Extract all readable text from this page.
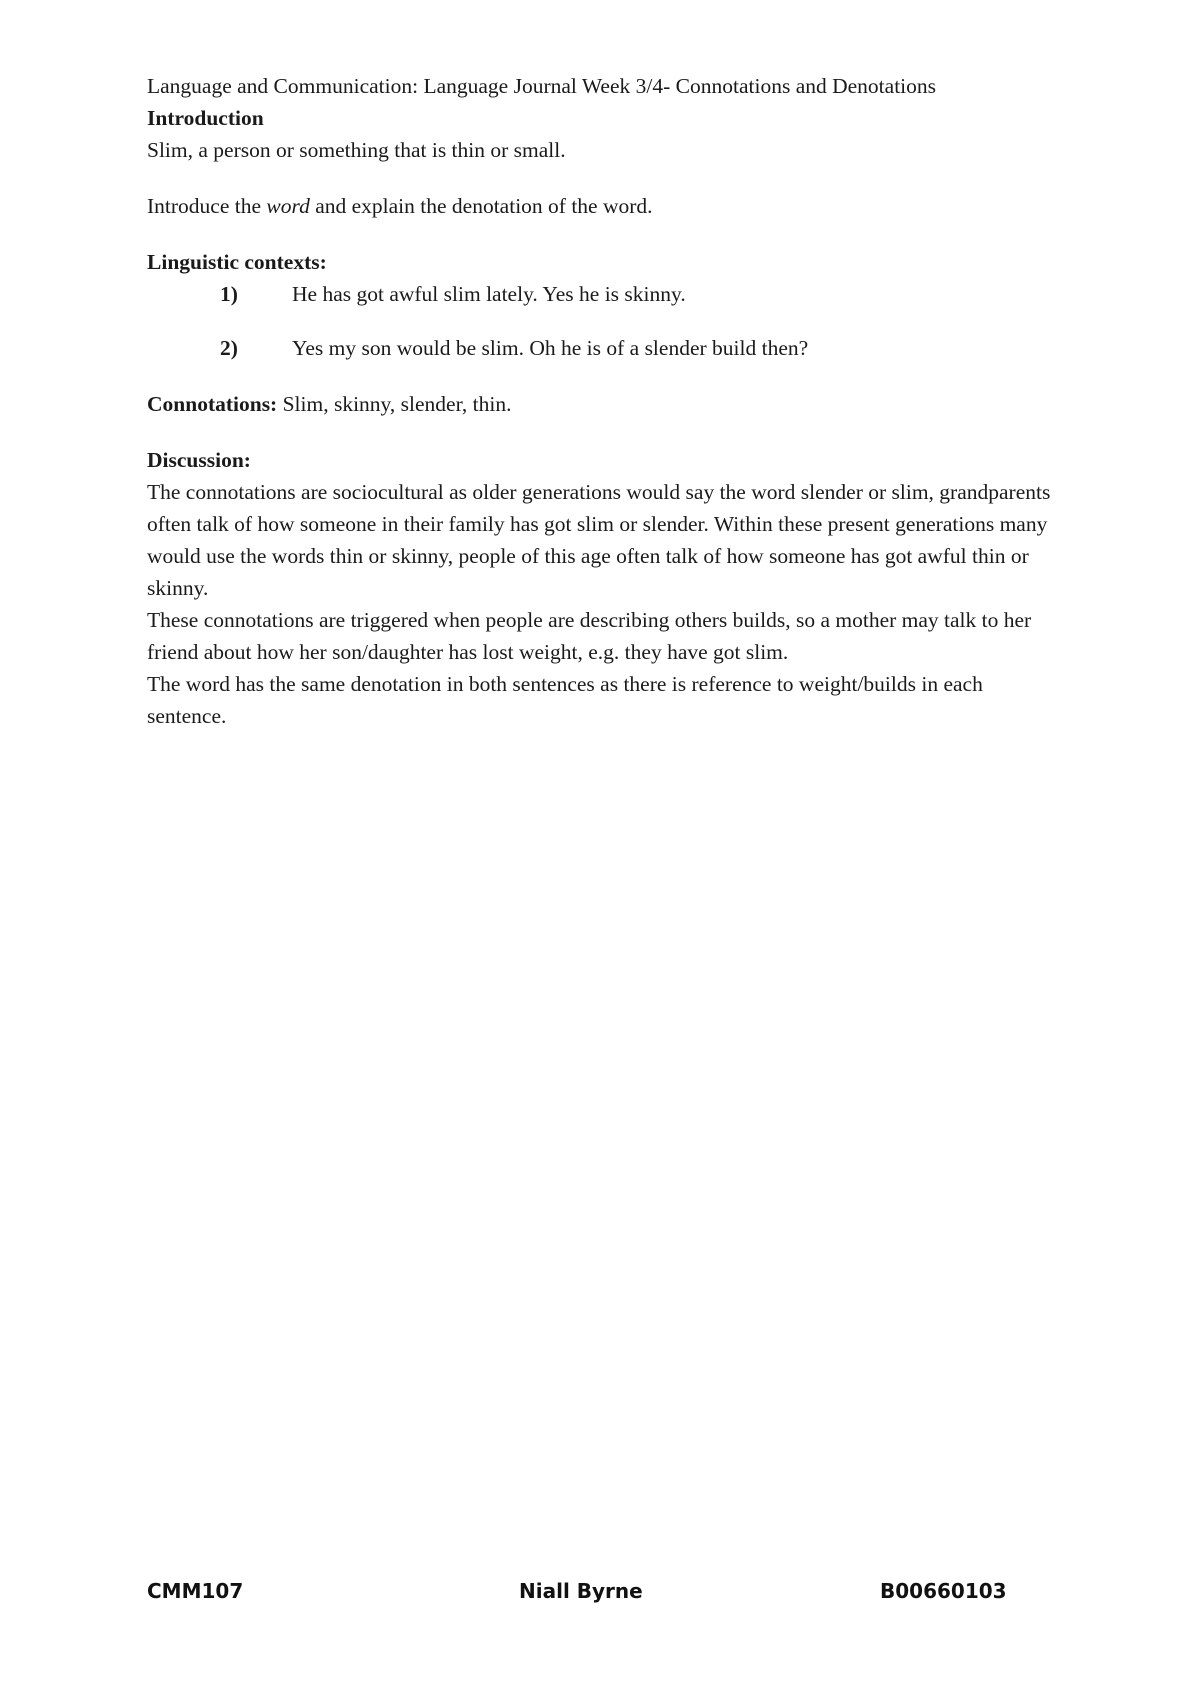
Language and Communication: Language Journal Week 3/4- Connotations and Denotations

Introduction

Slim, a person or something that is thin or small.

Introduce the word and explain the denotation of the word.

Linguistic contexts:

1)	He has got awful slim lately. Yes he is skinny.
2)	Yes my son would be slim. Oh he is of a slender build then?

Connotations: Slim, skinny, slender, thin.

Discussion:

The connotations are sociocultural as older generations would say the word slender or slim, grandparents often talk of how someone in their family has got slim or slender. Within these present generations many would use the words thin or skinny, people of this age often talk of how someone has got awful thin or skinny.

These connotations are triggered when people are describing others builds, so a mother may talk to her friend about how her son/daughter has lost weight, e.g. they have got slim.

The word has the same denotation in both sentences as there is reference to weight/builds in each sentence.

CMM107	Niall Byrne	B00660103
